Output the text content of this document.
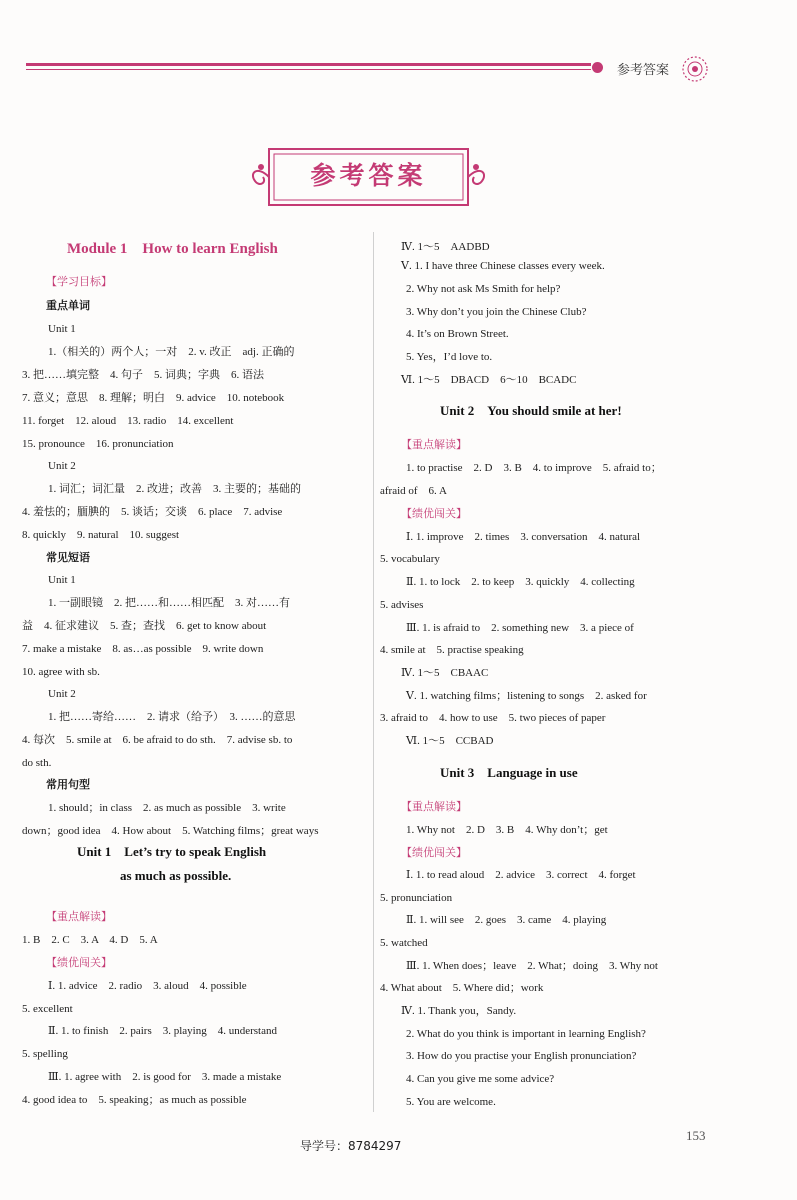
参考答案
参考答案
Module 1　How to learn English
【学习目标】
重点单词
Unit 1
1.（相关的）两个人；一对　2. v. 改正　adj. 正确的
3. 把……填完整　4. 句子　5. 词典；字典　6. 语法
7. 意义；意思　8. 理解；明白　9. advice　10. notebook
11. forget　12. aloud　13. radio　14. excellent
15. pronounce　16. pronunciation
Unit 2
1. 词汇；词汇量　2. 改进；改善　3. 主要的；基础的
4. 羞怯的；腼腆的　5. 谈话；交谈　6. place　7. advise
8. quickly　9. natural　10. suggest
常见短语
Unit 1
1. 一副眼镜　2. 把……和……相匹配　3. 对……有
益　4. 征求建议　5. 查；查找　6. get to know about
7. make a mistake　8. as…as possible　9. write down
10. agree with sb.
Unit 2
1. 把……寄给……　2. 请求（给予）　3. ……的意思
4. 每次　5. smile at　6. be afraid to do sth.　7. advise sb. to
do sth.
常用句型
1. should；in class　2. as much as possible　3. write
down；good idea　4. How about　5. Watching films；great ways
Unit 1　Let’s try to speak English
as much as possible.
【重点解读】
1. B　2. C　3. A　4. D　5. A
【绩优闯关】
Ⅰ. 1. advice　2. radio　3. aloud　4. possible
5. excellent
Ⅱ. 1. to finish　2. pairs　3. playing　4. understand
5. spelling
Ⅲ. 1. agree with　2. is good for　3. made a mistake
4. good idea to　5. speaking；as much as possible
Ⅳ. 1～5　AADBD
Ⅴ. 1. I have three Chinese classes every week.
2. Why not ask Ms Smith for help?
3. Why don’t you join the Chinese Club?
4. It’s on Brown Street.
5. Yes，I’d love to.
Ⅵ. 1～5　DBACD　6～10　BCADC
Unit 2　You should smile at her!
【重点解读】
1. to practise　2. D　3. B　4. to improve　5. afraid to；
afraid of　6. A
【绩优闯关】
Ⅰ. 1. improve　2. times　3. conversation　4. natural
5. vocabulary
Ⅱ. 1. to lock　2. to keep　3. quickly　4. collecting
5. advises
Ⅲ. 1. is afraid to　2. something new　3. a piece of
4. smile at　5. practise speaking
Ⅳ. 1～5　CBAAC
Ⅴ. 1. watching films；listening to songs　2. asked for
3. afraid to　4. how to use　5. two pieces of paper
Ⅵ. 1～5　CCBAD
Unit 3　Language in use
【重点解读】
1. Why not　2. D　3. B　4. Why don’t；get
【绩优闯关】
Ⅰ. 1. to read aloud　2. advice　3. correct　4. forget
5. pronunciation
Ⅱ. 1. will see　2. goes　3. came　4. playing
5. watched
Ⅲ. 1. When does；leave　2. What；doing　3. Why not
4. What about　5. Where did；work
Ⅳ. 1. Thank you，Sandy.
2. What do you think is important in learning English?
3. How do you practise your English pronunciation?
4. Can you give me some advice?
5. You are welcome.
导学号：8784297
153
